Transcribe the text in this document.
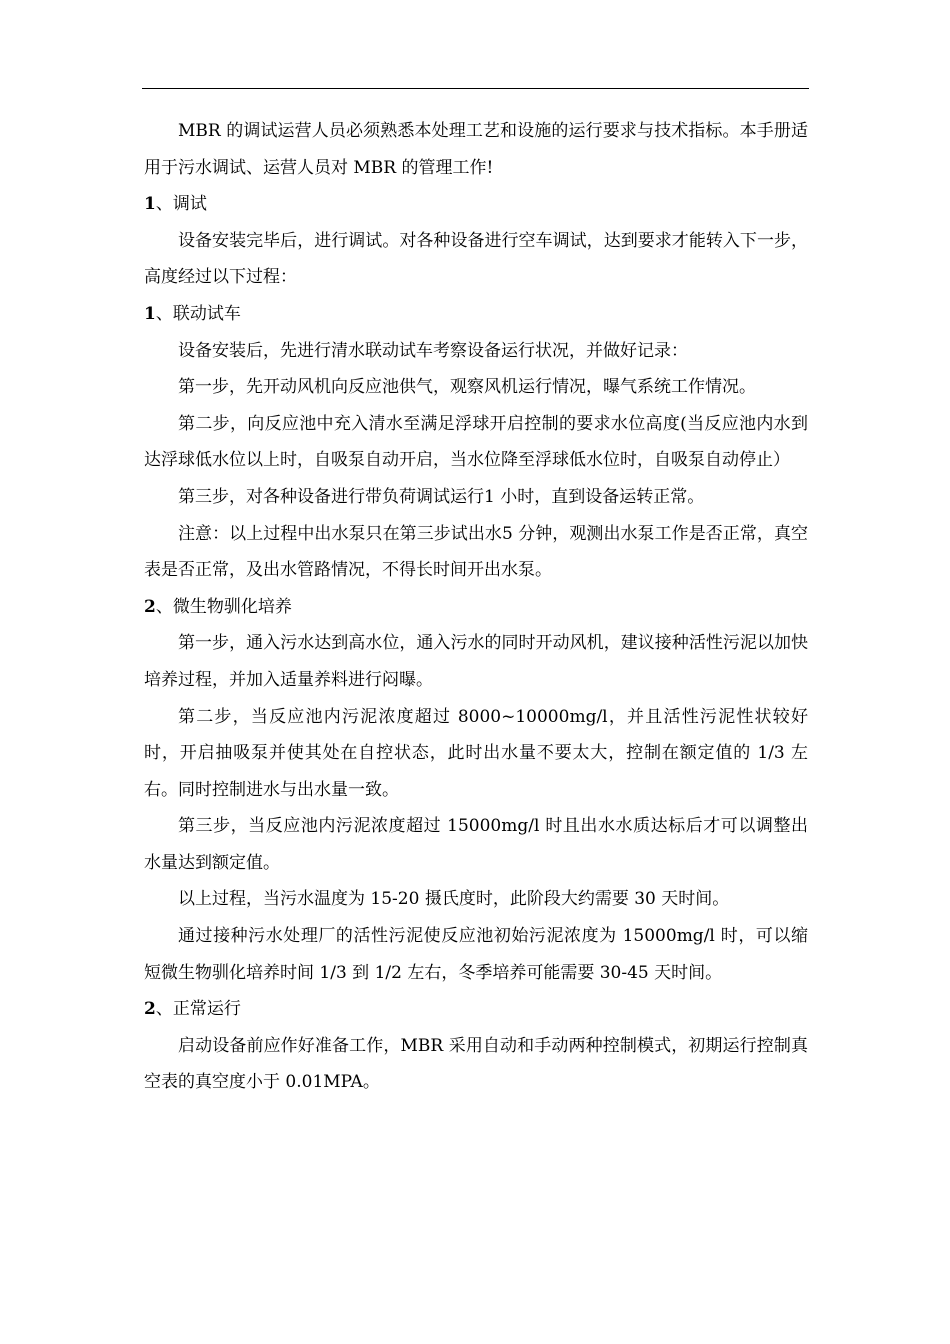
MBR 的调试运营人员必须熟悉本处理工艺和设施的运行要求与技术指标。本手册适用于污水调试、运营人员对 MBR 的管理工作!

1、调试

设备安装完毕后，进行调试。对各种设备进行空车调试，达到要求才能转入下一步，高度经过以下过程：

1、联动试车

设备安装后，先进行清水联动试车考察设备运行状况，并做好记录：

第一步，先开动风机向反应池供气，观察风机运行情况，曝气系统工作情况。

第二步，向反应池中充入清水至满足浮球开启控制的要求水位高度(当反应池内水到达浮球低水位以上时，自吸泵自动开启，当水位降至浮球低水位时，自吸泵自动停止）

第三步，对各种设备进行带负荷调试运行1 小时，直到设备运转正常。

注意：以上过程中出水泵只在第三步试出水5 分钟，观测出水泵工作是否正常，真空表是否正常，及出水管路情况，不得长时间开出水泵。

2、微生物驯化培养

第一步，通入污水达到高水位，通入污水的同时开动风机，建议接种活性污泥以加快培养过程，并加入适量养料进行闷曝。

第二步，当反应池内污泥浓度超过 8000~10000mg/l，并且活性污泥性状较好时，开启抽吸泵并使其处在自控状态，此时出水量不要太大，控制在额定值的 1/3 左右。同时控制进水与出水量一致。

第三步，当反应池内污泥浓度超过 15000mg/l 时且出水水质达标后才可以调整出水量达到额定值。

以上过程，当污水温度为 15-20 摄氏度时，此阶段大约需要 30 天时间。

通过接种污水处理厂的活性污泥使反应池初始污泥浓度为 15000mg/l 时，可以缩短微生物驯化培养时间 1/3 到 1/2 左右，冬季培养可能需要 30-45 天时间。

2、正常运行

启动设备前应作好准备工作，MBR 采用自动和手动两种控制模式，初期运行控制真空表的真空度小于 0.01MPA。
